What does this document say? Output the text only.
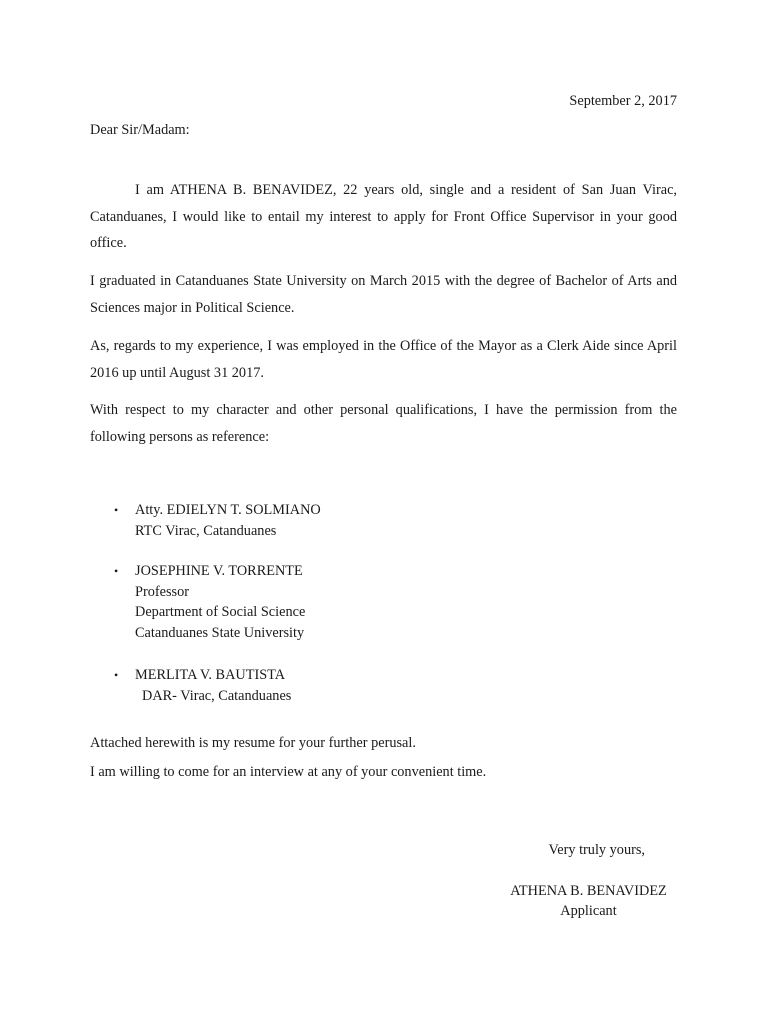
September 2, 2017

Dear Sir/Madam:

I am ATHENA B. BENAVIDEZ, 22 years old, single and a resident of San Juan Virac, Catanduanes, I would like to entail my interest to apply for Front Office Supervisor in your good office.

I graduated in Catanduanes State University on March 2015 with the degree of Bachelor of Arts and Sciences major in Political Science.

As, regards to my experience, I was employed in the Office of the Mayor as a Clerk Aide since April 2016 up until August 31 2017.

With respect to my character and other personal qualifications, I have the permission from the following persons as reference:

• Atty. EDIELYN T. SOLMIANO
RTC Virac, Catanduanes
• JOSEPHINE V. TORRENTE
Professor
Department of Social Science
Catanduanes State University
• MERLITA V. BAUTISTA
DAR- Virac, Catanduanes

Attached herewith is my resume for your further perusal.

I am willing to come for an interview at any of your convenient time.

Very truly yours,

ATHENA B. BENAVIDEZ

Applicant
